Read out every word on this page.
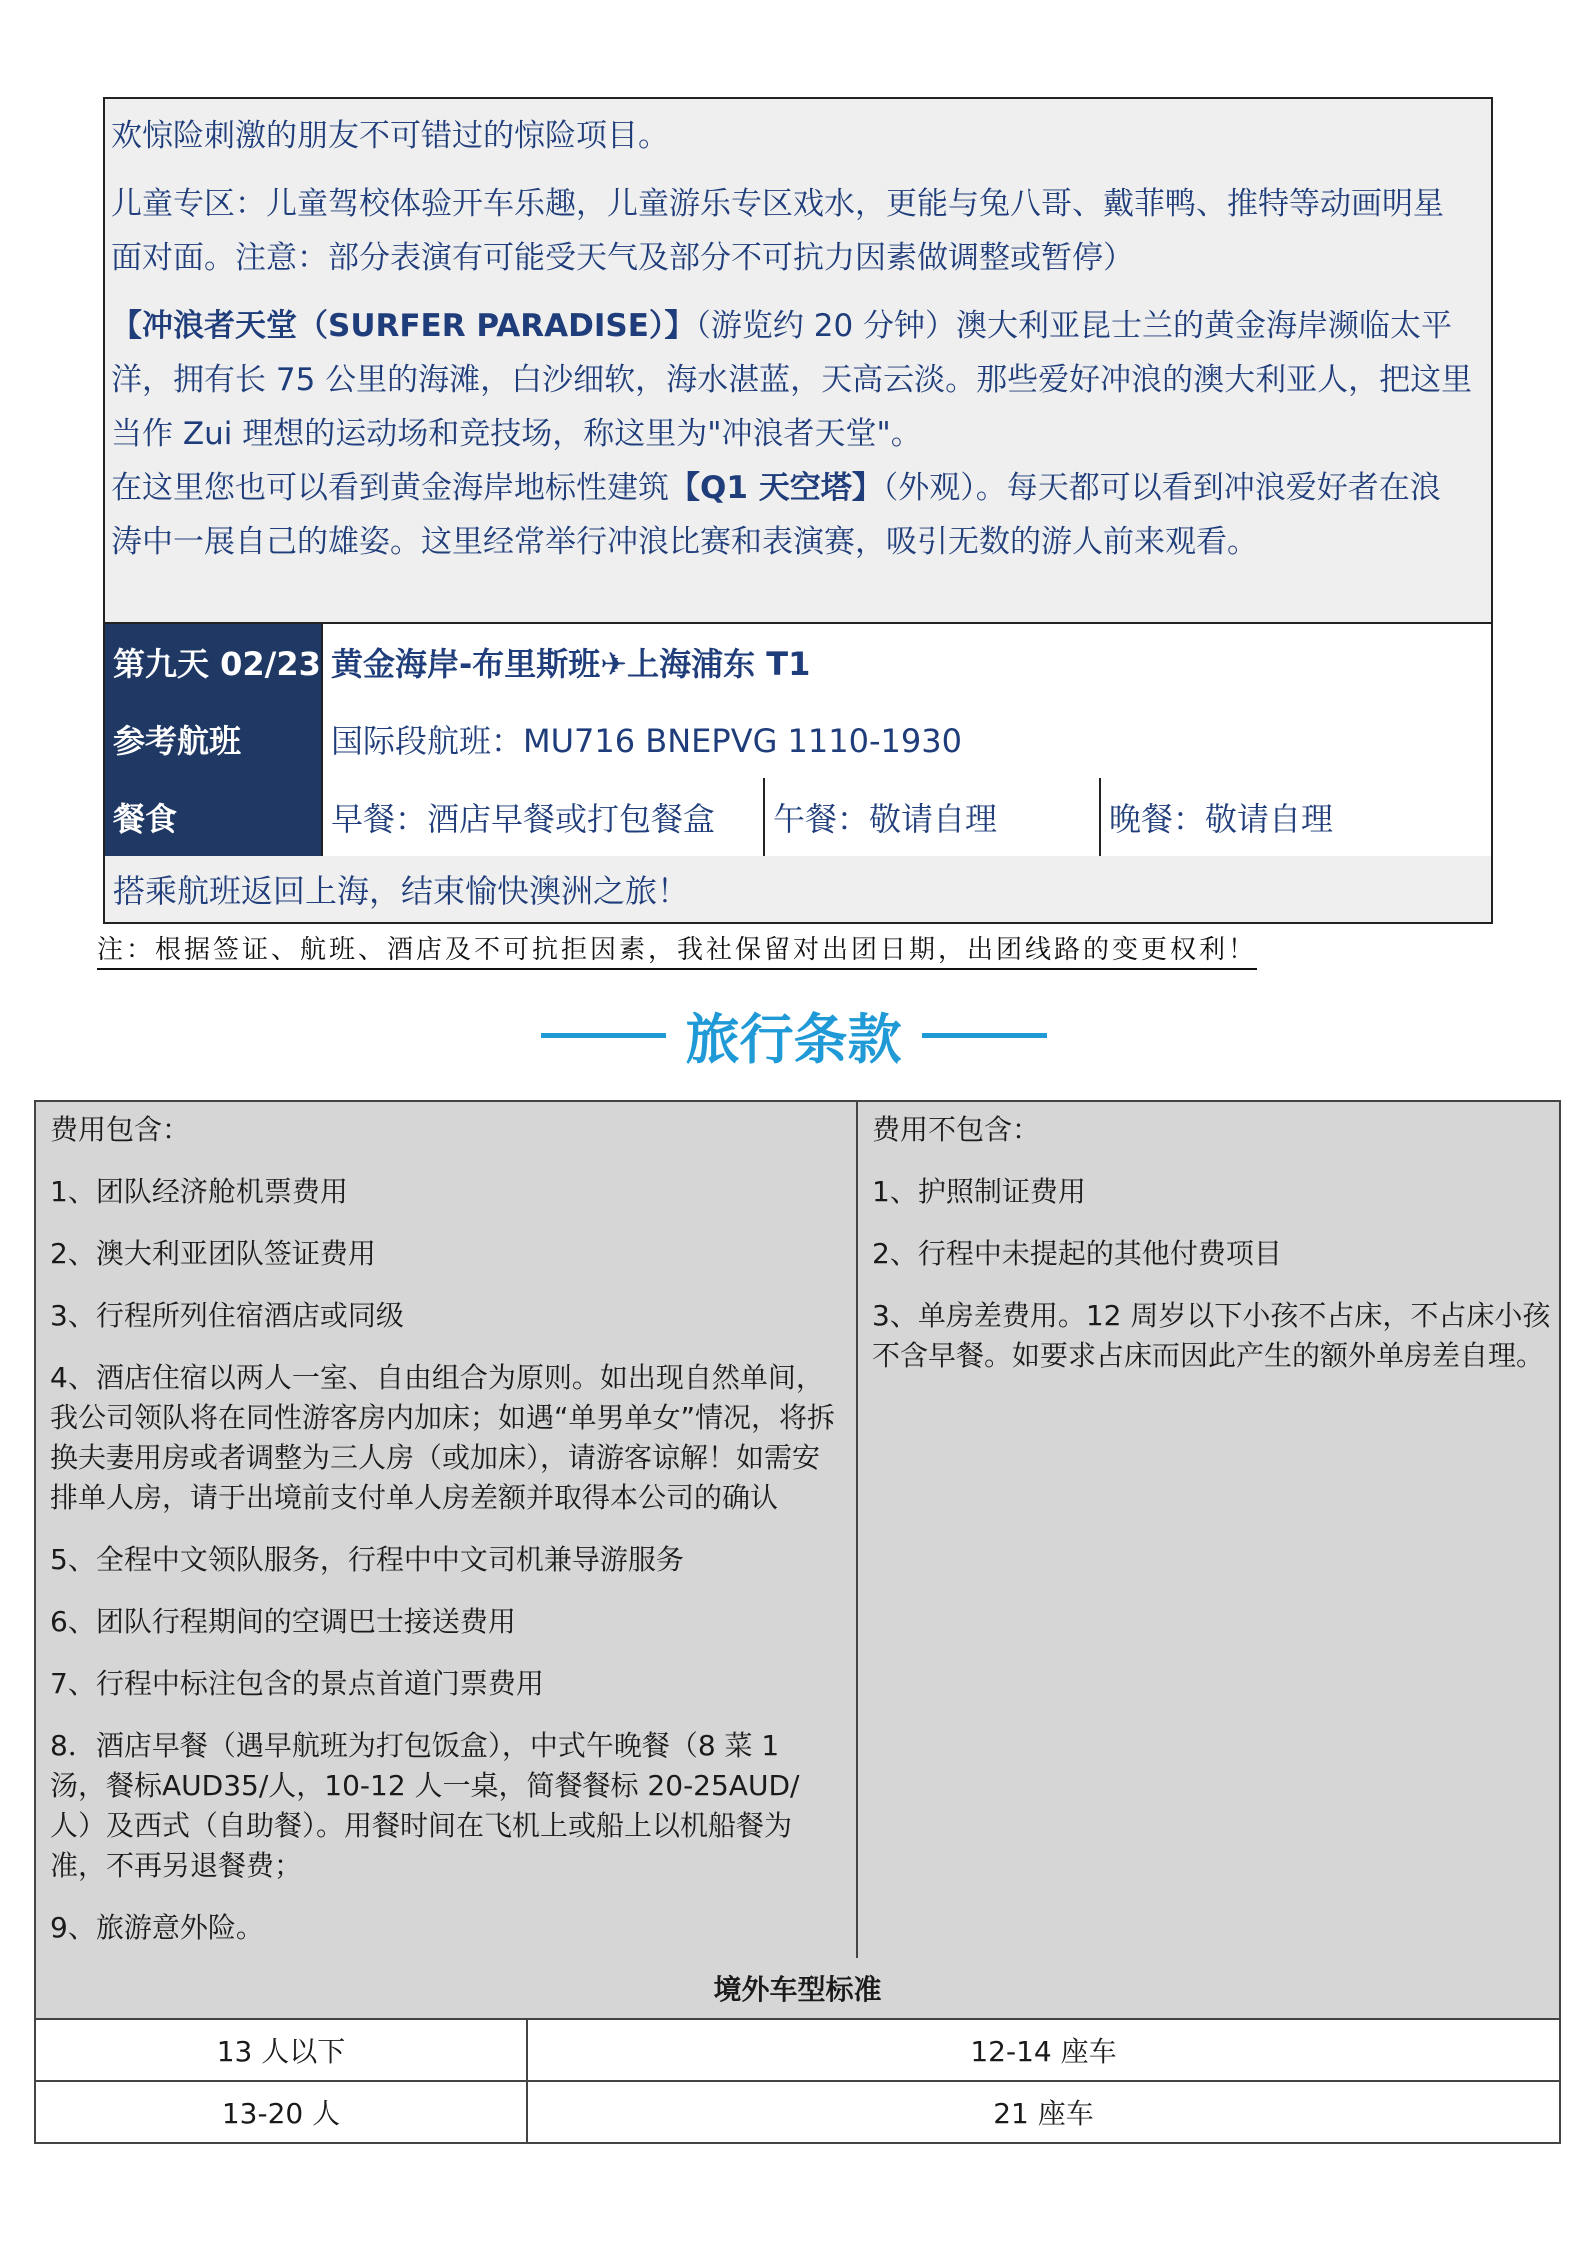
欢惊险刺激的朋友不可错过的惊险项目。

儿童专区：儿童驾校体验开车乐趣，儿童游乐专区戏水，更能与兔八哥、戴菲鸭、推特等动画明星

面对面。注意：部分表演有可能受天气及部分不可抗力因素做调整或暂停）

【冲浪者天堂（SURFER PARADISE）】（游览约 20 分钟）澳大利亚昆士兰的黄金海岸濒临太平

洋，拥有长 75 公里的海滩，白沙细软，海水湛蓝，天高云淡。那些爱好冲浪的澳大利亚人，把这里

当作 Zui 理想的运动场和竞技场，称这里为"冲浪者天堂"。

在这里您也可以看到黄金海岸地标性建筑【Q1 天空塔】（外观）。每天都可以看到冲浪爱好者在浪

涛中一展自己的雄姿。这里经常举行冲浪比赛和表演赛，吸引无数的游人前来观看。

第九天 02/23 黄金海岸-布里斯班✈上海浦东 T1
参考航班	国际段航班：MU716 BNEPVG 1110-1930
餐食	早餐：酒店早餐或打包餐盒	午餐：敬请自理	晚餐：敬请自理
搭乘航班返回上海，结束愉快澳洲之旅！
注：根据签证、航班、酒店及不可抗拒因素，我社保留对出团日期，出团线路的变更权利！
旅行条款
费用包含：
1、团队经济舱机票费用
2、澳大利亚团队签证费用
3、行程所列住宿酒店或同级
4、酒店住宿以两人一室、自由组合为原则。如出现自然单间，我公司领队将在同性游客房内加床；如遇“单男单女”情况，将拆换夫妻用房或者调整为三人房（或加床），请游客谅解！如需安排单人房，请于出境前支付单人房差额并取得本公司的确认
5、全程中文领队服务，行程中中文司机兼导游服务
6、团队行程期间的空调巴士接送费用
7、行程中标注包含的景点首道门票费用
8．酒店早餐（遇早航班为打包饭盒），中式午晚餐（8 菜 1 汤，餐标AUD35/人，10-12 人一桌，简餐餐标 20-25AUD/人）及西式（自助餐）。用餐时间在飞机上或船上以机船餐为准，不再另退餐费；
9、旅游意外险。
费用不包含：
1、护照制证费用
2、行程中未提起的其他付费项目
3、单房差费用。12 周岁以下小孩不占床，不占床小孩不含早餐。如要求占床而因此产生的额外单房差自理。
境外车型标准
13 人以下	12-14 座车
13-20 人	21 座车
